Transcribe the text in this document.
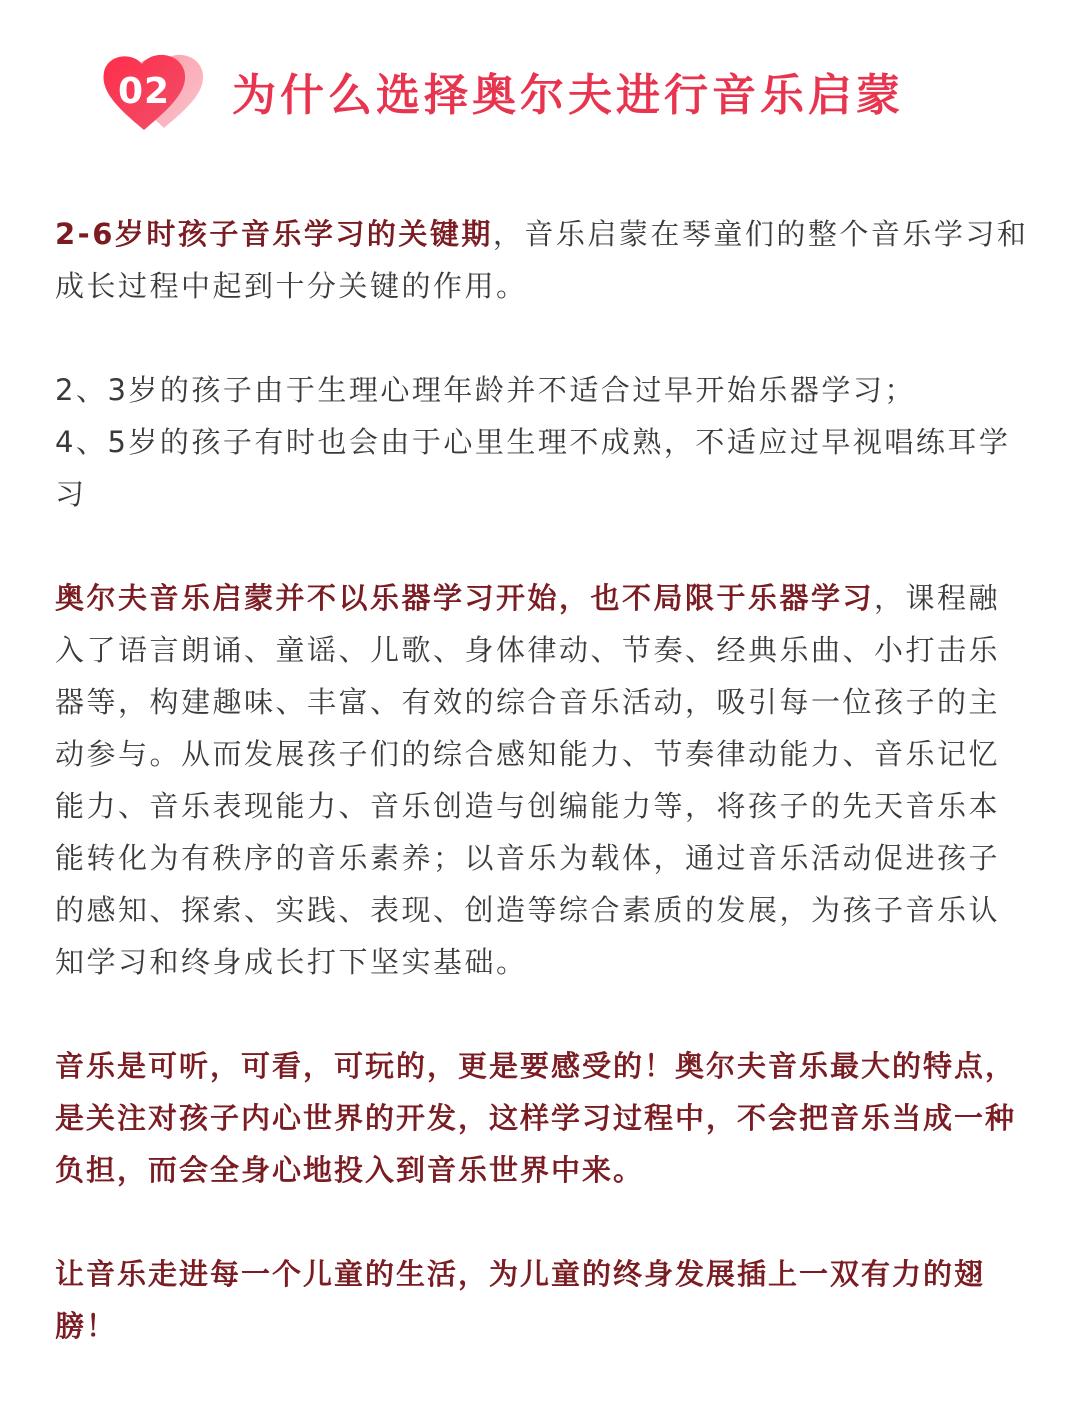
02	为什么选择奥尔夫进行音乐启蒙

2-6岁时孩子音乐学习的关键期，音乐启蒙在琴童们的整个音乐学习和成长过程中起到十分关键的作用。

2、3岁的孩子由于生理心理年龄并不适合过早开始乐器学习；
4、5岁的孩子有时也会由于心里生理不成熟，不适应过早视唱练耳学习

奥尔夫音乐启蒙并不以乐器学习开始，也不局限于乐器学习，课程融入了语言朗诵、童谣、儿歌、身体律动、节奏、经典乐曲、小打击乐器等，构建趣味、丰富、有效的综合音乐活动，吸引每一位孩子的主动参与。从而发展孩子们的综合感知能力、节奏律动能力、音乐记忆能力、音乐表现能力、音乐创造与创编能力等，将孩子的先天音乐本能转化为有秩序的音乐素养；以音乐为载体，通过音乐活动促进孩子的感知、探索、实践、表现、创造等综合素质的发展，为孩子音乐认知学习和终身成长打下坚实基础。

音乐是可听，可看，可玩的，更是要感受的！奥尔夫音乐最大的特点，是关注对孩子内心世界的开发，这样学习过程中，不会把音乐当成一种负担，而会全身心地投入到音乐世界中来。

让音乐走进每一个儿童的生活，为儿童的终身发展插上一双有力的翅膀！
